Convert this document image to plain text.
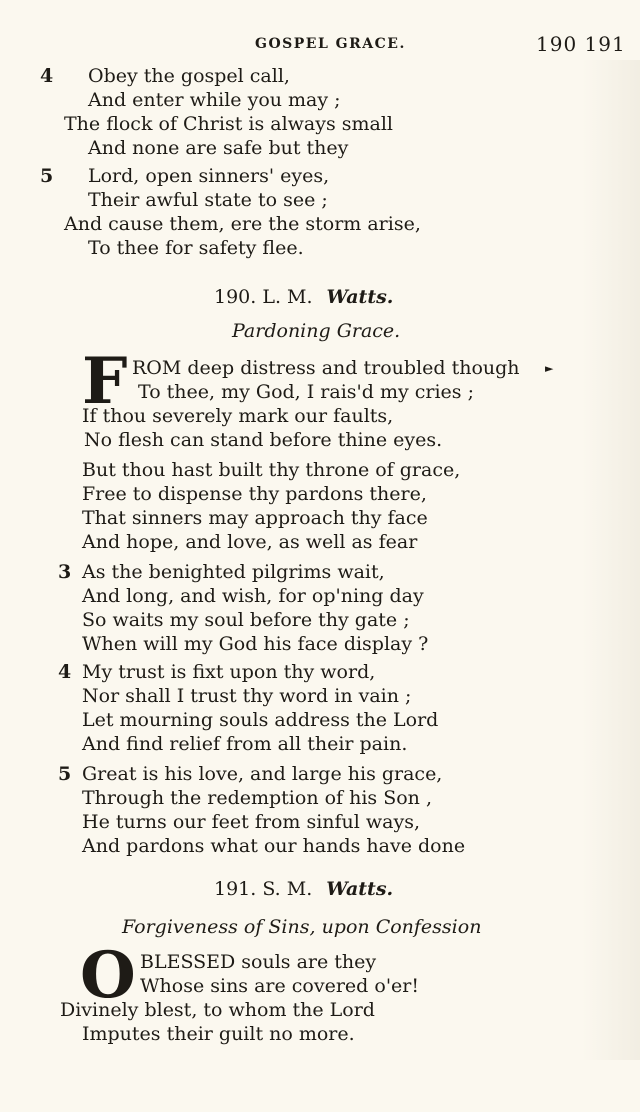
GOSPEL GRACE.	190 191
4 Obey the gospel call,
And enter while you may ;
The flock of Christ is always small
And none are safe but they
5 Lord, open sinners' eyes,
Their awful state to see ;
And cause them, ere the storm arise,
To thee for safety flee.
190. L. M. Watts.
Pardoning Grace.
F ROM deep distress and troubled though ►
To thee, my God, I rais'd my cries ;
If thou severely mark our faults,
No flesh can stand before thine eyes.
But thou hast built thy throne of grace,
Free to dispense thy pardons there,
That sinners may approach thy face
And hope, and love, as well as fear
3 As the benighted pilgrims wait,
And long, and wish, for op'ning day
So waits my soul before thy gate ;
When will my God his face display ?
4 My trust is fixt upon thy word,
Nor shall I trust thy word in vain ;
Let mourning souls address the Lord
And find relief from all their pain.
5 Great is his love, and large his grace,
Through the redemption of his Son ,
He turns our feet from sinful ways,
And pardons what our hands have done
191. S. M. Watts.
Forgiveness of Sins, upon Confession
O BLESSED souls are they
Whose sins are covered o'er!
Divinely blest, to whom the Lord
Imputes their guilt no more.
